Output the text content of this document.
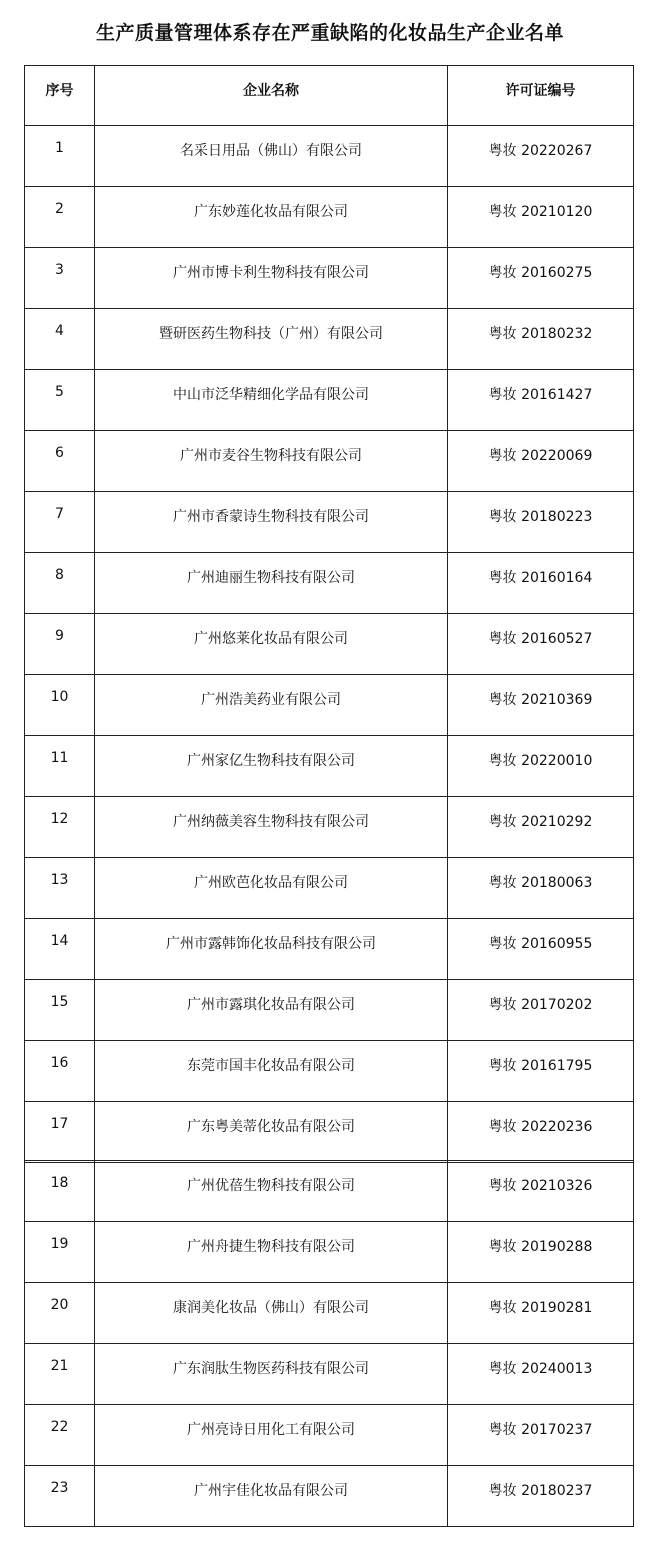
生产质量管理体系存在严重缺陷的化妆品生产企业名单
序号	企业名称	许可证编号
1	名采日用品（佛山）有限公司	粤妆 20220267
2	广东妙莲化妆品有限公司	粤妆 20210120
3	广州市博卡利生物科技有限公司	粤妆 20160275
4	暨研医药生物科技（广州）有限公司	粤妆 20180232
5	中山市泛华精细化学品有限公司	粤妆 20161427
6	广州市麦谷生物科技有限公司	粤妆 20220069
7	广州市香蒙诗生物科技有限公司	粤妆 20180223
8	广州迪丽生物科技有限公司	粤妆 20160164
9	广州悠莱化妆品有限公司	粤妆 20160527
10	广州浩美药业有限公司	粤妆 20210369
11	广州家亿生物科技有限公司	粤妆 20220010
12	广州纳薇美容生物科技有限公司	粤妆 20210292
13	广州欧芭化妆品有限公司	粤妆 20180063
14	广州市露韩饰化妆品科技有限公司	粤妆 20160955
15	广州市露琪化妆品有限公司	粤妆 20170202
16	东莞市国丰化妆品有限公司	粤妆 20161795
17	广东粤美蒂化妆品有限公司	粤妆 20220236
18	广州优蓓生物科技有限公司	粤妆 20210326
19	广州舟捷生物科技有限公司	粤妆 20190288
20	康润美化妆品（佛山）有限公司	粤妆 20190281
21	广东润肽生物医药科技有限公司	粤妆 20240013
22	广州亮诗日用化工有限公司	粤妆 20170237
23	广州宇佳化妆品有限公司	粤妆 20180237
